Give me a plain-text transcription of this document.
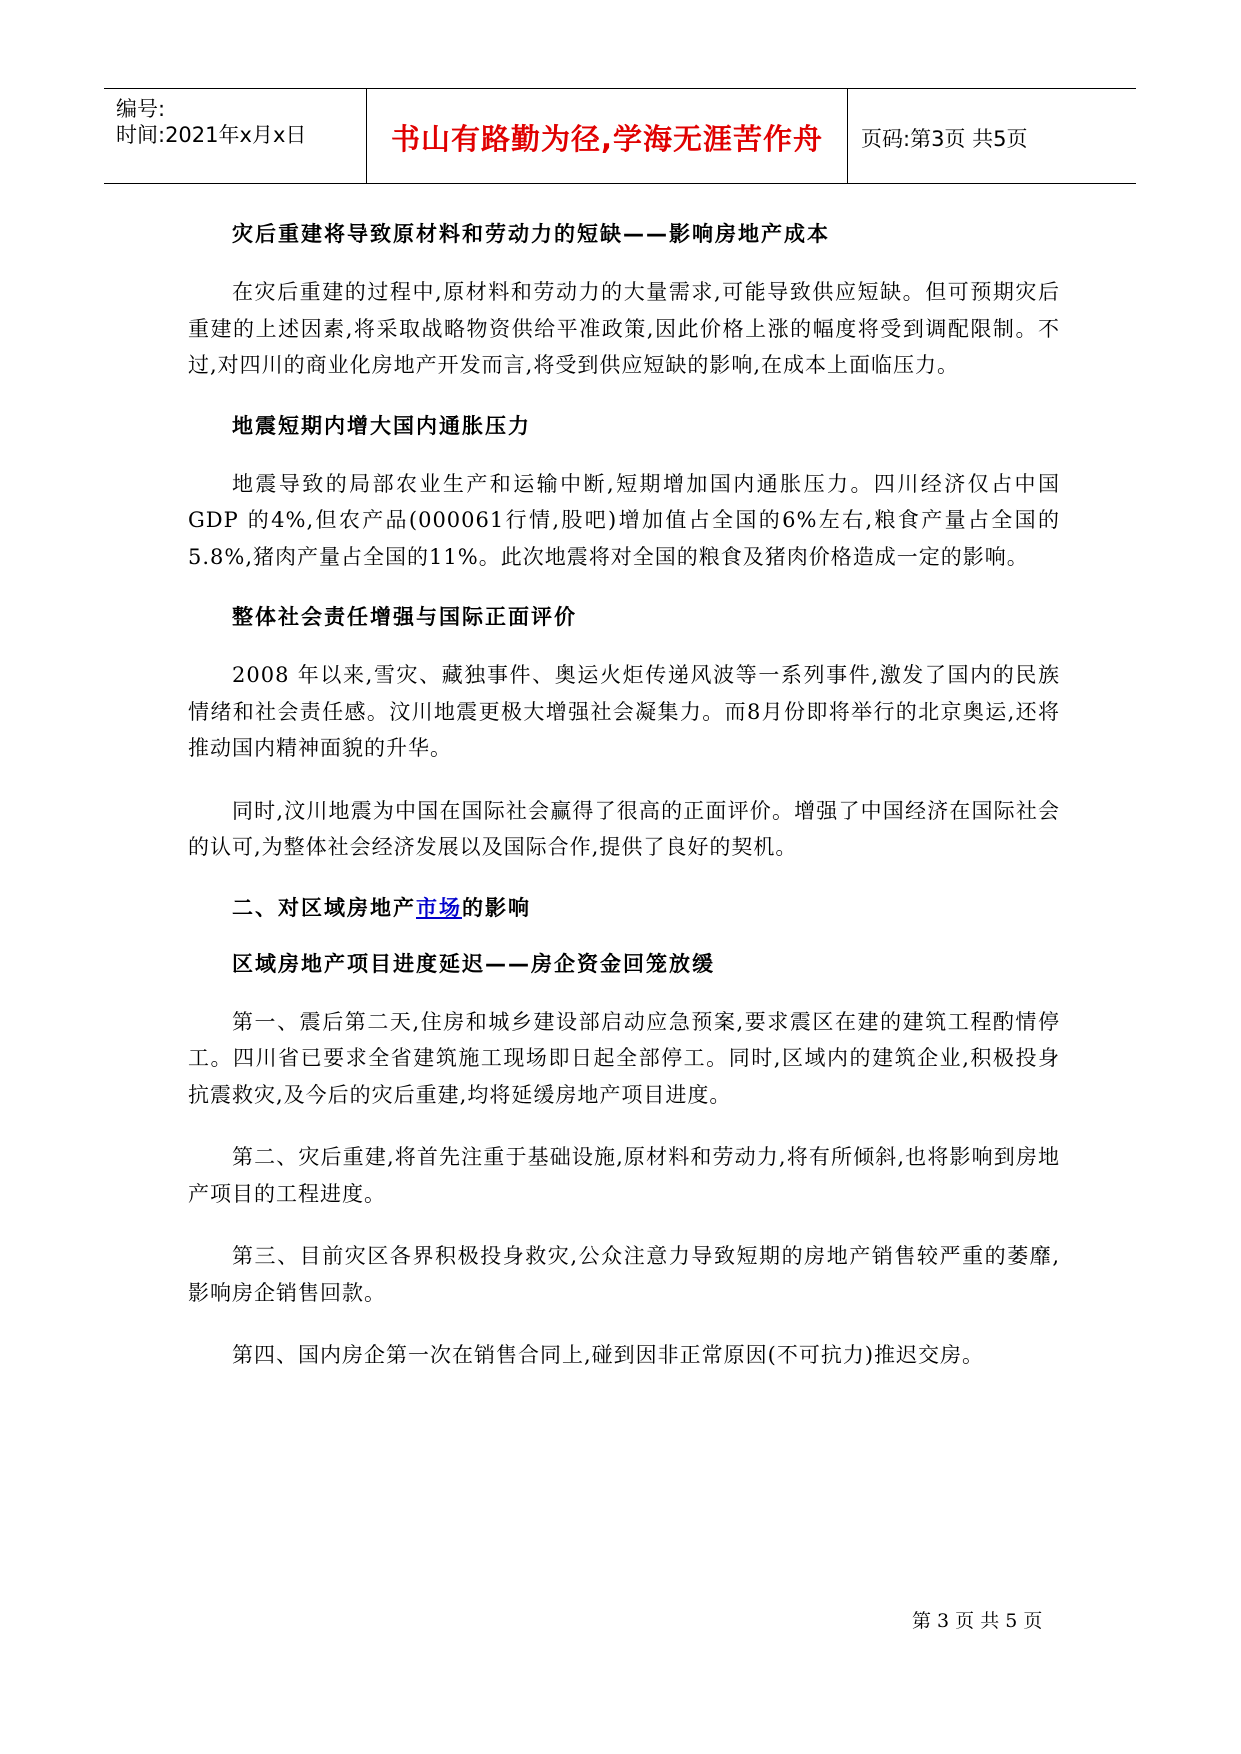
编号:
时间:2021年x月x日	书山有路勤为径,学海无涯苦作舟	页码:第3页 共5页
灾后重建将导致原材料和劳动力的短缺——影响房地产成本

在灾后重建的过程中,原材料和劳动力的大量需求,可能导致供应短缺。但可预期灾后重建的上述因素,将采取战略物资供给平准政策,因此价格上涨的幅度将受到调配限制。不过,对四川的商业化房地产开发而言,将受到供应短缺的影响,在成本上面临压力。

地震短期内增大国内通胀压力

地震导致的局部农业生产和运输中断,短期增加国内通胀压力。四川经济仅占中国GDP 的4%,但农产品(000061行情,股吧)增加值占全国的6%左右,粮食产量占全国的5.8%,猪肉产量占全国的11%。此次地震将对全国的粮食及猪肉价格造成一定的影响。

整体社会责任增强与国际正面评价

2008 年以来,雪灾、藏独事件、奥运火炬传递风波等一系列事件,激发了国内的民族情绪和社会责任感。汶川地震更极大增强社会凝集力。而8月份即将举行的北京奥运,还将推动国内精神面貌的升华。

同时,汶川地震为中国在国际社会赢得了很高的正面评价。增强了中国经济在国际社会的认可,为整体社会经济发展以及国际合作,提供了良好的契机。

二、对区域房地产市场的影响
区域房地产项目进度延迟——房企资金回笼放缓

第一、震后第二天,住房和城乡建设部启动应急预案,要求震区在建的建筑工程酌情停工。四川省已要求全省建筑施工现场即日起全部停工。同时,区域内的建筑企业,积极投身抗震救灾,及今后的灾后重建,均将延缓房地产项目进度。

第二、灾后重建,将首先注重于基础设施,原材料和劳动力,将有所倾斜,也将影响到房地产项目的工程进度。

第三、目前灾区各界积极投身救灾,公众注意力导致短期的房地产销售较严重的萎靡,影响房企销售回款。

第四、国内房企第一次在销售合同上,碰到因非正常原因(不可抗力)推迟交房。

第 3 页 共 5 页
